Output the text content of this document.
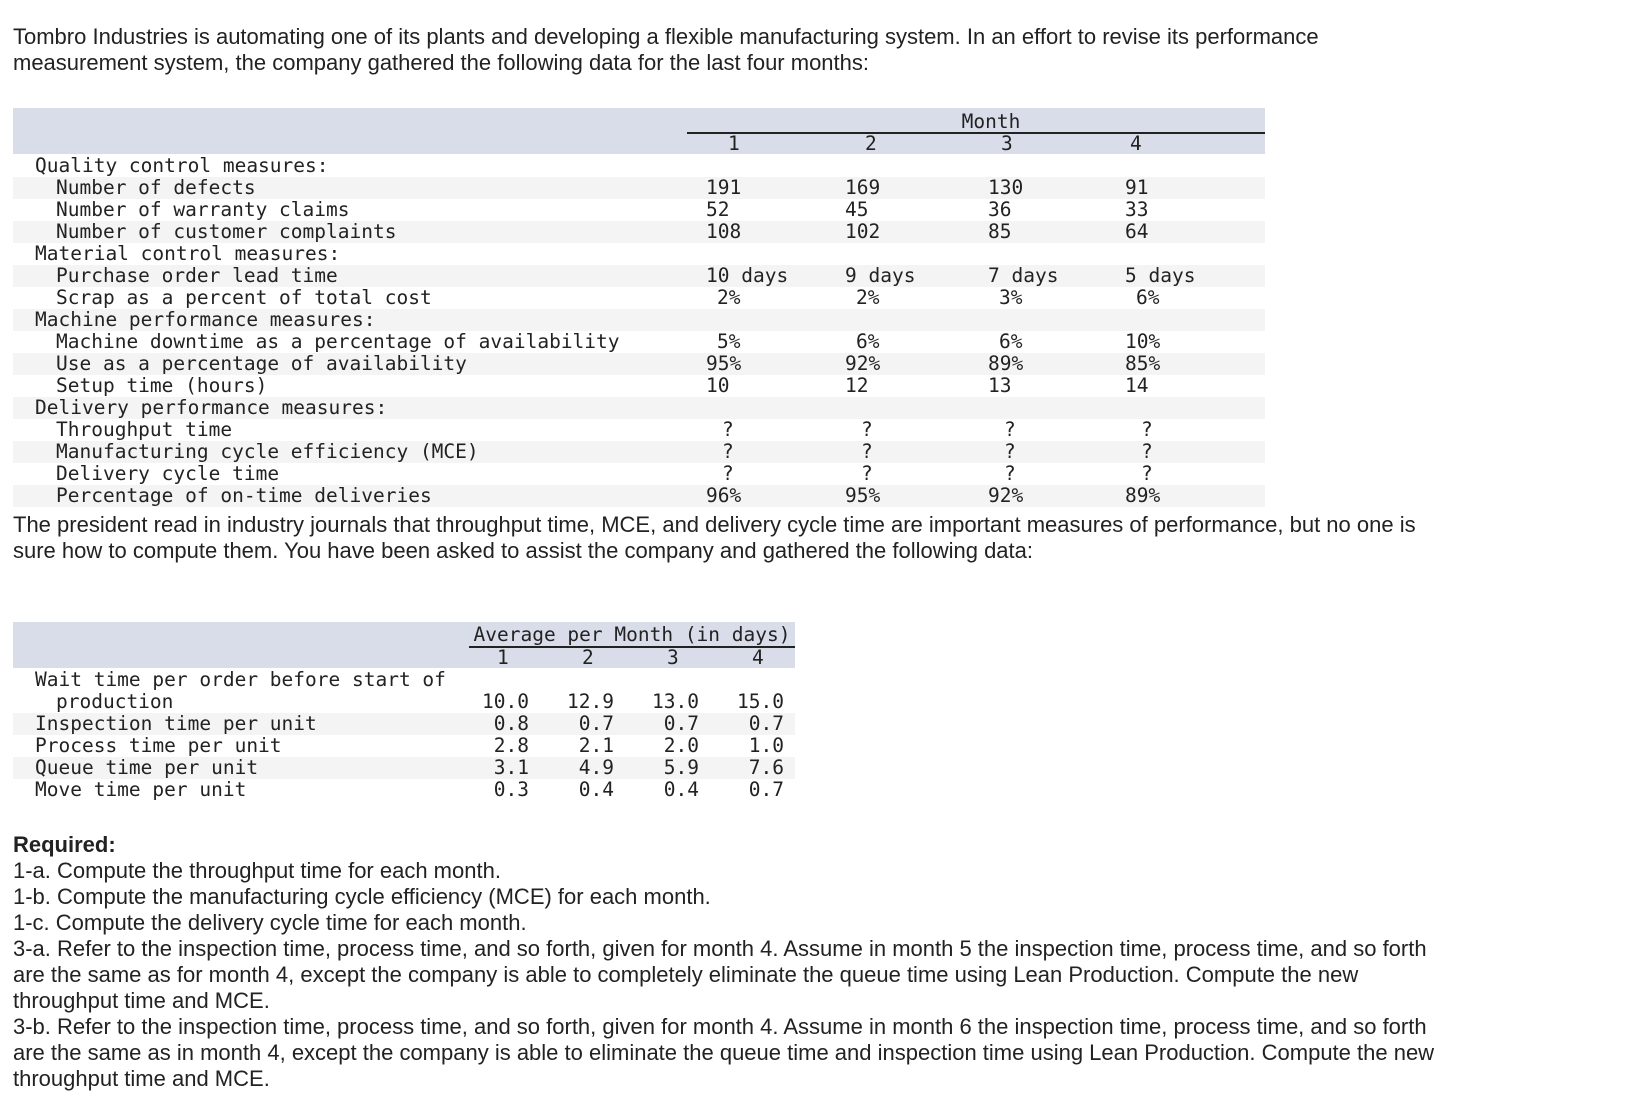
Tombro Industries is automating one of its plants and developing a flexible manufacturing system. In an effort to revise its performance measurement system, the company gathered the following data for the last four months:

Month
1	2	3	4
Quality control measures:
Number of defects	191	169	130	91
Number of warranty claims	52	45	36	33
Number of customer complaints	108	102	85	64
Material control measures:
Purchase order lead time	10 days	9 days	7 days	5 days
Scrap as a percent of total cost	2%	2%	3%	6%
Machine performance measures:
Machine downtime as a percentage of availability	5%	6%	6%	10%
Use as a percentage of availability	95%	92%	89%	85%
Setup time (hours)	10	12	13	14
Delivery performance measures:
Throughput time	?	?	?	?
Manufacturing cycle efficiency (MCE)	?	?	?	?
Delivery cycle time	?	?	?	?
Percentage of on-time deliveries	96%	95%	92%	89%

The president read in industry journals that throughput time, MCE, and delivery cycle time are important measures of performance, but no one is sure how to compute them. You have been asked to assist the company and gathered the following data:

Average per Month (in days)
1	2	3	4
Wait time per order before start of
production	10.0	12.9	13.0	15.0
Inspection time per unit	0.8	0.7	0.7	0.7
Process time per unit	2.8	2.1	2.0	1.0
Queue time per unit	3.1	4.9	5.9	7.6
Move time per unit	0.3	0.4	0.4	0.7
Required:
1-a. Compute the throughput time for each month.
1-b. Compute the manufacturing cycle efficiency (MCE) for each month.
1-c. Compute the delivery cycle time for each month.
3-a. Refer to the inspection time, process time, and so forth, given for month 4. Assume in month 5 the inspection time, process time, and so forth are the same as for month 4, except the company is able to completely eliminate the queue time using Lean Production. Compute the new throughput time and MCE.
3-b. Refer to the inspection time, process time, and so forth, given for month 4. Assume in month 6 the inspection time, process time, and so forth are the same as in month 4, except the company is able to eliminate the queue time and inspection time using Lean Production. Compute the new throughput time and MCE.
